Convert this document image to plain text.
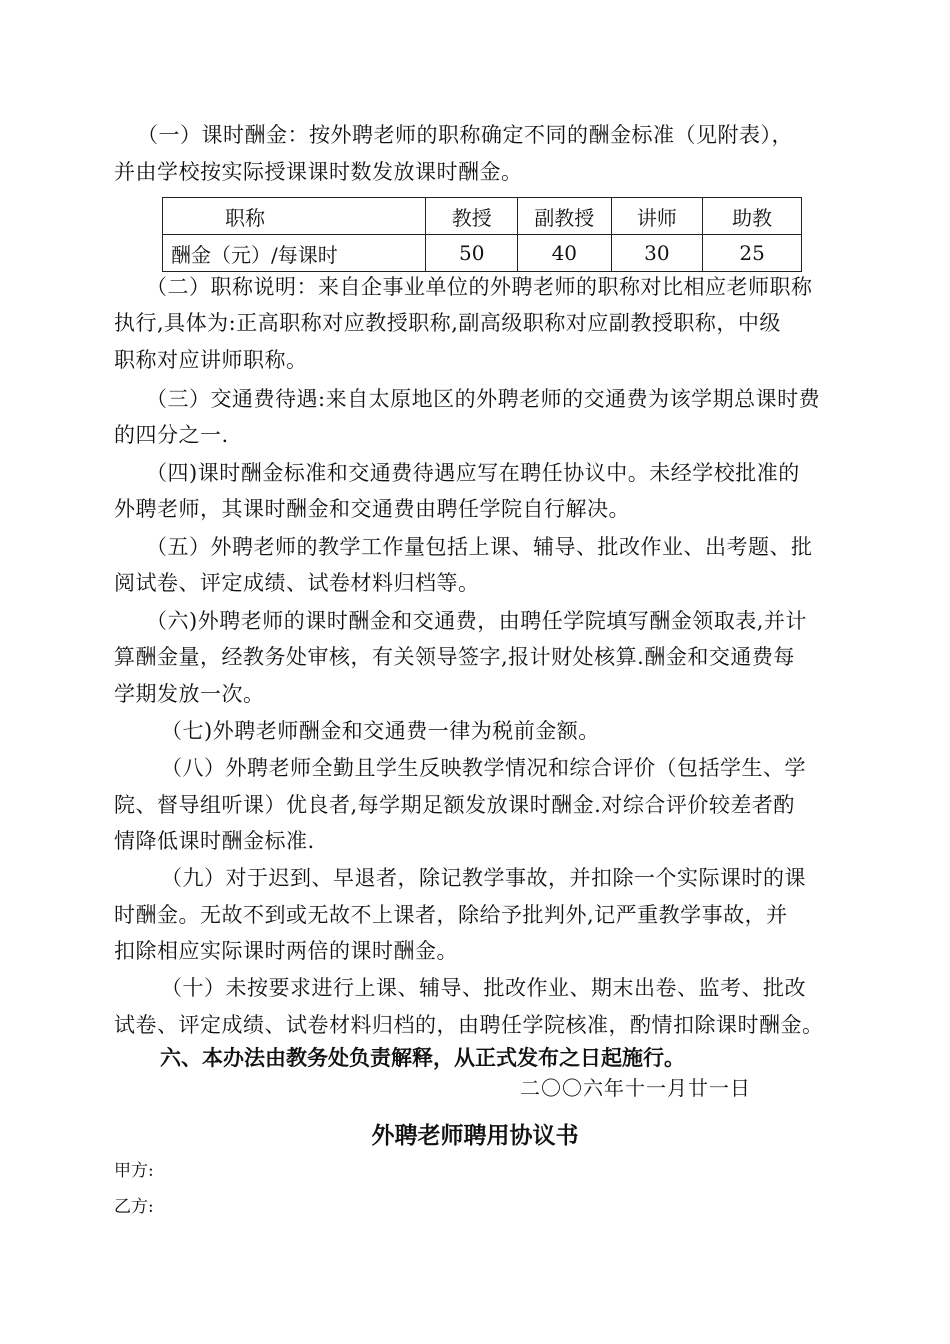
（一）课时酬金：按外聘老师的职称确定不同的酬金标准（见附表），
并由学校按实际授课课时数发放课时酬金。
职称	教授	副教授	讲师	助教
酬金（元）/每课时	50	40	30	25
（二）职称说明：来自企事业单位的外聘老师的职称对比相应老师职称
执行,具体为:正高职称对应教授职称,副高级职称对应副教授职称，中级
职称对应讲师职称。
（三）交通费待遇:来自太原地区的外聘老师的交通费为该学期总课时费
的四分之一.
（四)课时酬金标准和交通费待遇应写在聘任协议中。未经学校批准的
外聘老师，其课时酬金和交通费由聘任学院自行解决。
（五）外聘老师的教学工作量包括上课、辅导、批改作业、出考题、批
阅试卷、评定成绩、试卷材料归档等。
（六)外聘老师的课时酬金和交通费，由聘任学院填写酬金领取表,并计
算酬金量，经教务处审核，有关领导签字,报计财处核算.酬金和交通费每
学期发放一次。
（七)外聘老师酬金和交通费一律为税前金额。
（八）外聘老师全勤且学生反映教学情况和综合评价（包括学生、学
院、督导组听课）优良者,每学期足额发放课时酬金.对综合评价较差者酌
情降低课时酬金标准.
（九）对于迟到、早退者，除记教学事故，并扣除一个实际课时的课
时酬金。无故不到或无故不上课者，除给予批判外,记严重教学事故，并
扣除相应实际课时两倍的课时酬金。
（十）未按要求进行上课、辅导、批改作业、期末出卷、监考、批改
试卷、评定成绩、试卷材料归档的，由聘任学院核准，酌情扣除课时酬金。
六、本办法由教务处负责解释，从正式发布之日起施行。
二〇〇六年十一月廿一日
外聘老师聘用协议书
甲方:
乙方:
